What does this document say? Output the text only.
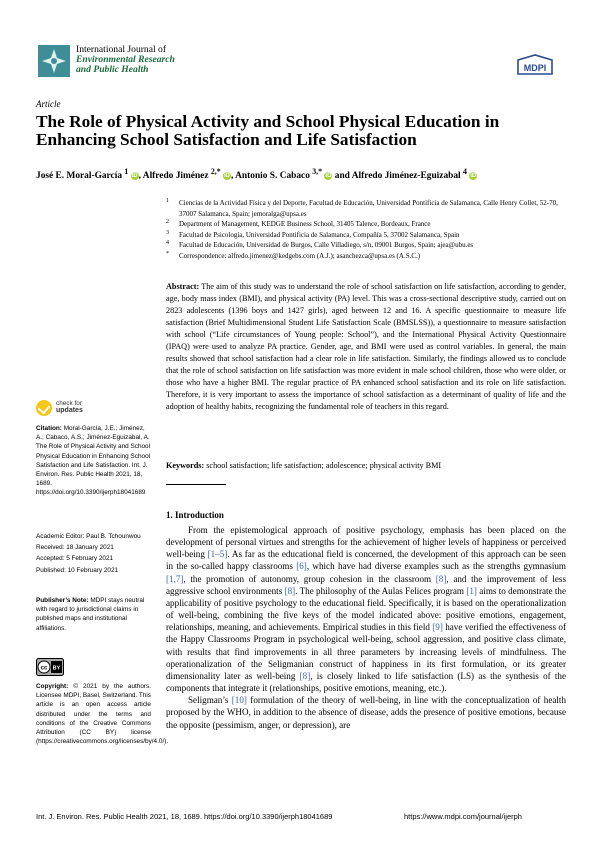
International Journal of
Environmental Research
and Public Health	MDPI
Article
The Role of Physical Activity and School Physical Education in Enhancing School Satisfaction and Life Satisfaction
José E. Moral-García $^1$ iD, Alfredo Jiménez $^{2,*}$ iD, Antonio S. Cabaco $^{3,*}$ iD and Alfredo Jiménez-Eguizabal $^4$ iD
1 Ciencias de la Actividad Física y del Deporte, Facultad de Educación, Universidad Pontificia de Salamanca, Calle Henry Collet, 52-70, 37007 Salamanca, Spain; jemoralga@upsa.es
2 Department of Management, KEDGE Business School, 31405 Talence, Bordeaux, France
3 Facultad de Psicología, Universidad Pontificia de Salamanca, Compañía 5, 37002 Salamanca, Spain
4 Facultad de Educación, Universidad de Burgos, Calle Villadiego, s/n, 09001 Burgos, Spain; ajea@ubu.es
* Correspondence: alfredo.jimenez@kedgebs.com (A.J.); asanchezca@upsa.es (A.S.C.)
Abstract: The aim of this study was to understand the role of school satisfaction on life satisfaction, according to gender, age, body mass index (BMI), and physical activity (PA) level. This was a cross-sectional descriptive study, carried out on 2823 adolescents (1396 boys and 1427 girls), aged between 12 and 16. A specific questionnaire to measure life satisfaction (Brief Multidimensional Student Life Satisfaction Scale (BMSLSS)), a questionnaire to measure satisfaction with school (“Life circumstances of Young people: School”), and the International Physical Activity Questionnaire (IPAQ) were used to analyze PA practice. Gender, age, and BMI were used as control variables. In general, the main results showed that school satisfaction had a clear role in life satisfaction. Similarly, the findings allowed us to conclude that the role of school satisfaction on life satisfaction was more evident in male school children, those who were older, or those who have a higher BMI. The regular practice of PA enhanced school satisfaction and its role on life satisfaction. Therefore, it is very important to assess the importance of school satisfaction as a determinant of quality of life and the adoption of healthy habits, recognizing the fundamental role of teachers in this regard.
Keywords: school satisfaction; life satisfaction; adolescence; physical activity BMI
1. Introduction

From the epistemological approach of positive psychology, emphasis has been placed on the development of personal virtues and strengths for the achievement of higher levels of happiness or perceived well-being [1–5]. As far as the educational field is concerned, the development of this approach can be seen in the so-called happy classrooms [6], which have had diverse examples such as the strengths gymnasium [1,7], the promotion of autonomy, group cohesion in the classroom [8], and the improvement of less aggressive school environments [8]. The philosophy of the Aulas Felices program [1] aims to demonstrate the applicability of positive psychology to the educational field. Specifically, it is based on the operationalization of well-being, combining the five keys of the model indicated above: positive emotions, engagement, relationships, meaning, and achievements. Empirical studies in this field [9] have verified the effectiveness of the Happy Classrooms Program in psychological well-being, school aggression, and positive class climate, with results that find improvements in all three parameters by increasing levels of mindfulness. The operationalization of the Seligmanian construct of happiness in its first formulation, or its greater dimensionality later as well-being [8], is closely linked to life satisfaction (LS) as the synthesis of the components that integrate it (relationships, positive emotions, meaning, etc.).

Seligman’s [10] formulation of the theory of well-being, in line with the conceptualization of health proposed by the WHO, in addition to the absence of disease, adds the presence of positive emotions, because the opposite (pessimism, anger, or depression), are

check for
updates
Citation: Moral-García, J.E.; Jiménez, A.; Cabaco, A.S.; Jiménez-Eguizabal, A. The Role of Physical Activity and School Physical Education in Enhancing School Satisfaction and Life Satisfaction. Int. J. Environ. Res. Public Health 2021, 18, 1689. https://doi.org/10.3390/ijerph18041689
Academic Editor: Paul B. Tchounwou
Received: 18 January 2021
Accepted: 5 February 2021
Published: 10 February 2021
Publisher’s Note: MDPI stays neutral with regard to jurisdictional claims in published maps and institutional affiliations.
cc BY
Copyright: © 2021 by the authors. Licensee MDPI, Basel, Switzerland. This article is an open access article distributed under the terms and conditions of the Creative Commons Attribution (CC BY) license (https://creativecommons.org/licenses/by/4.0/).
Int. J. Environ. Res. Public Health 2021, 18, 1689. https://doi.org/10.3390/ijerph18041689	https://www.mdpi.com/journal/ijerph
